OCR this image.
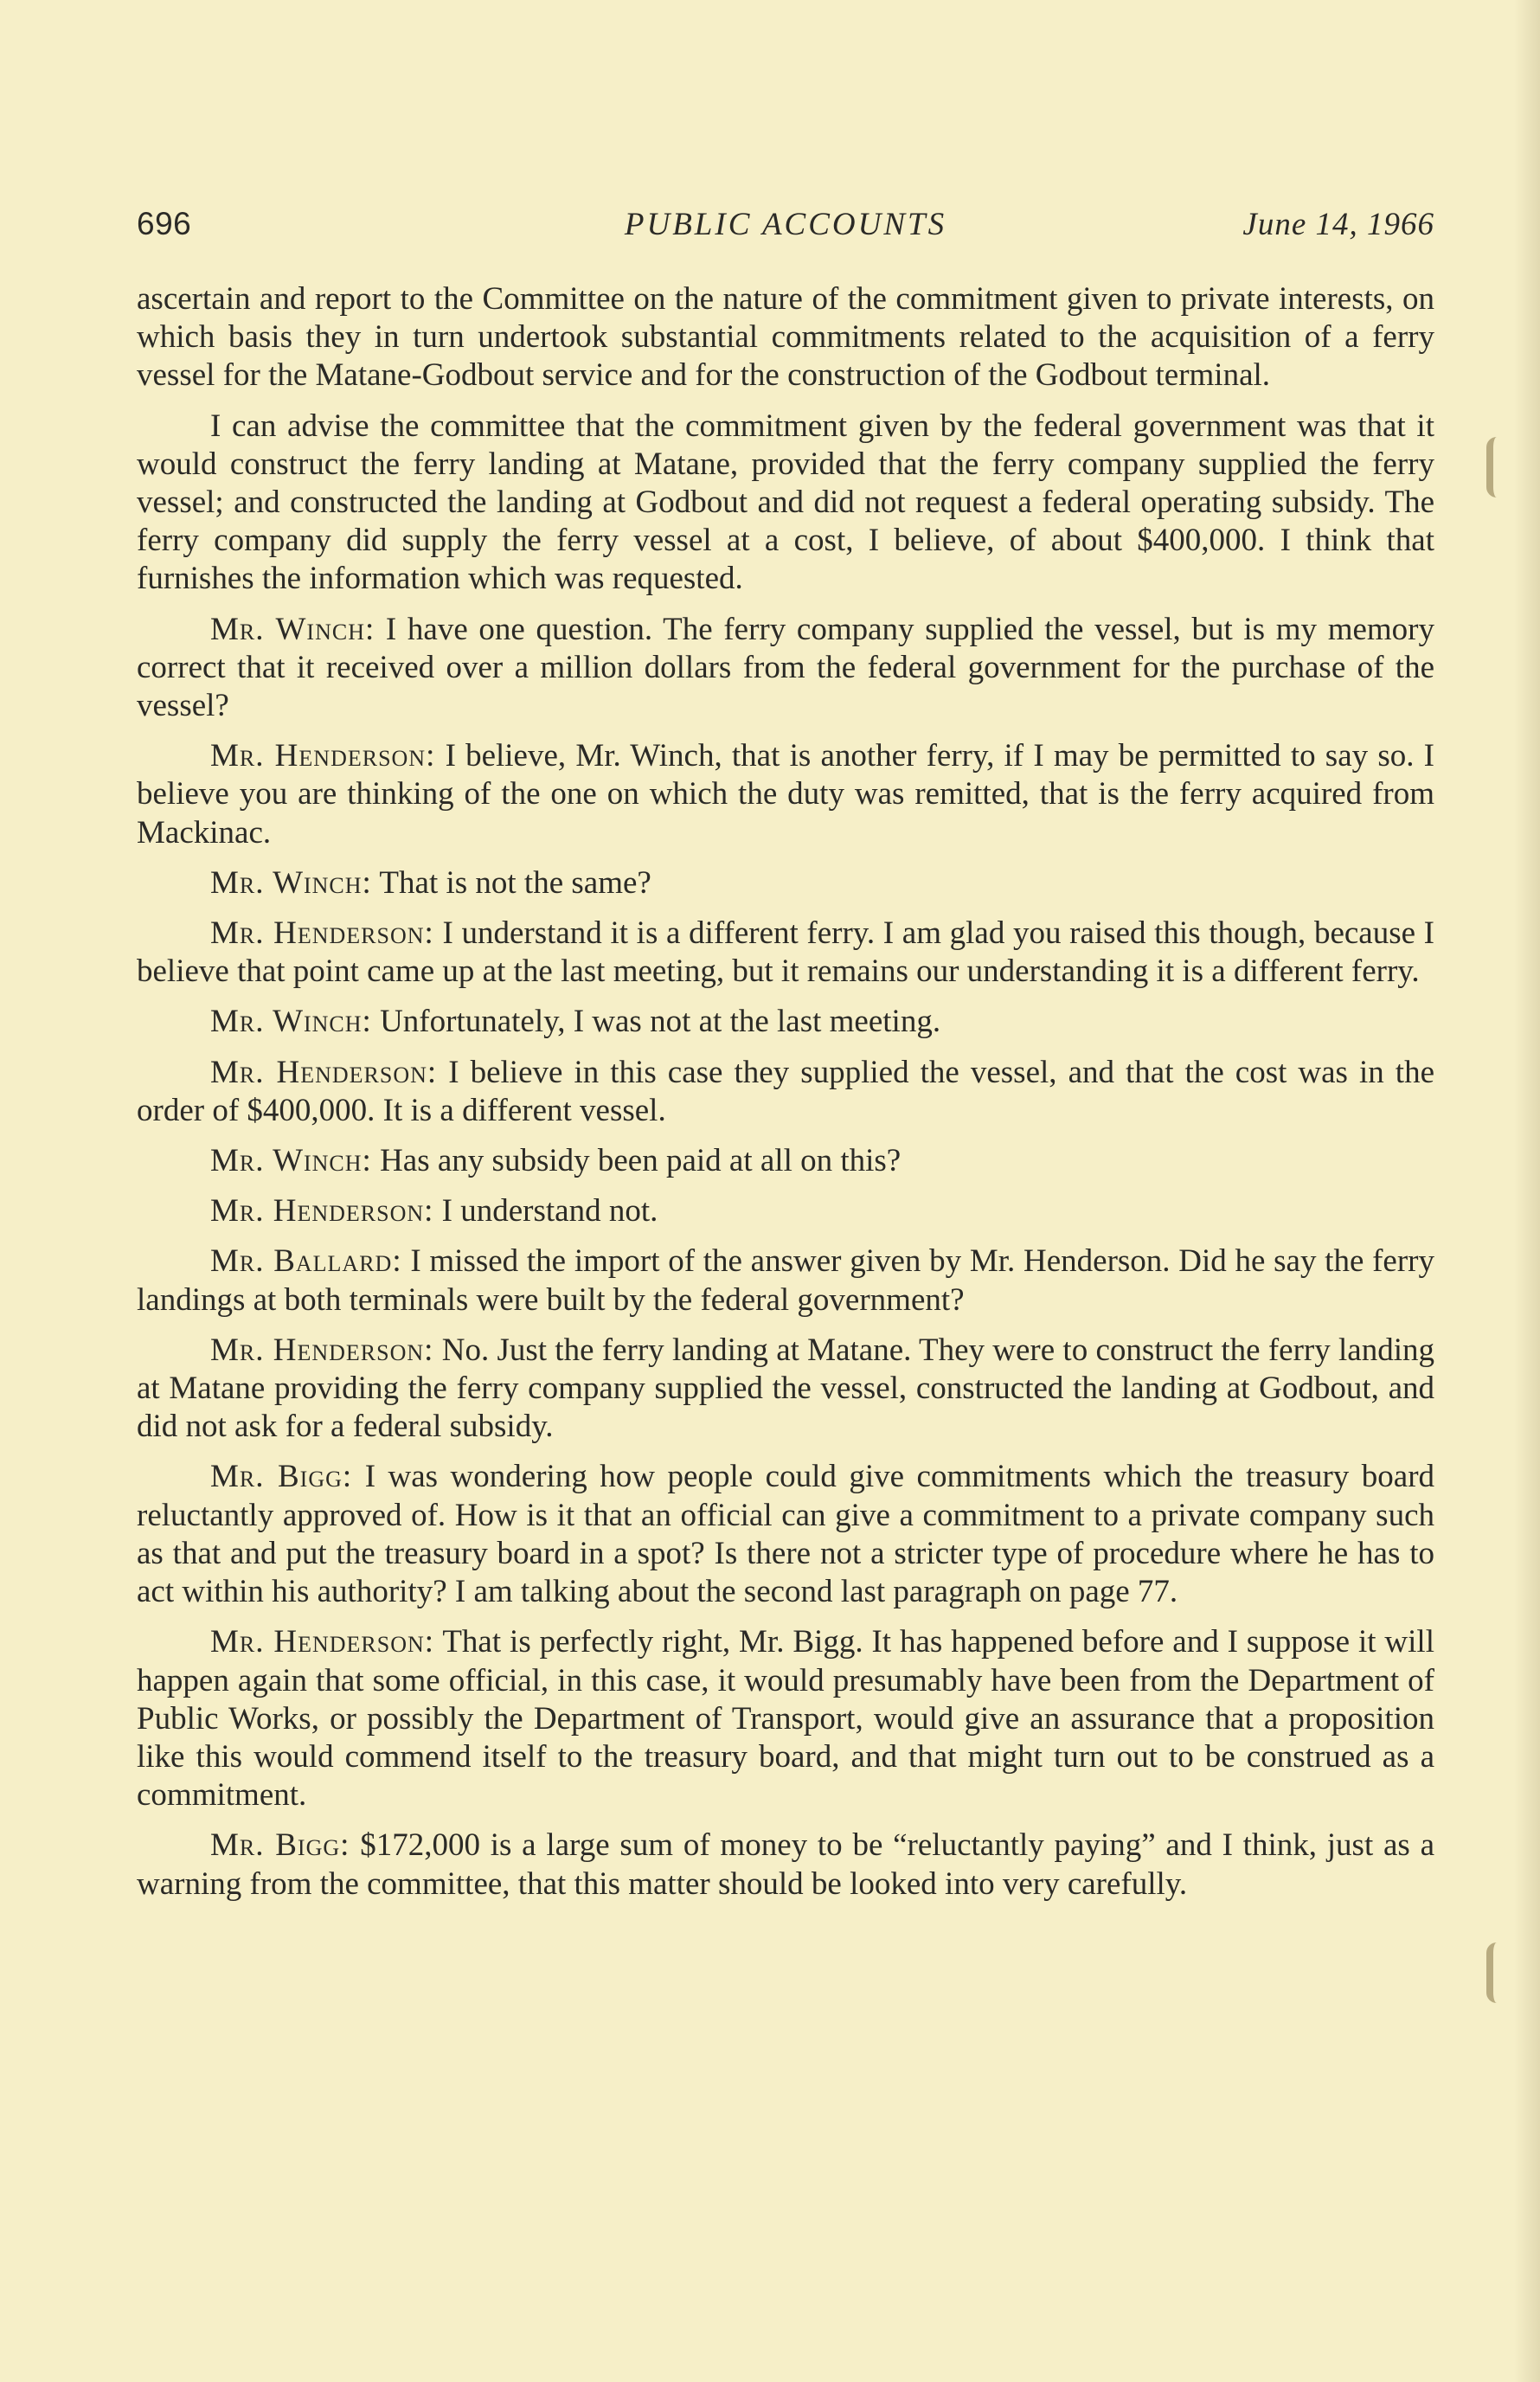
696	PUBLIC ACCOUNTS	June 14, 1966

ascertain and report to the Committee on the nature of the commitment given to private interests, on which basis they in turn undertook substantial commitments related to the acquisition of a ferry vessel for the Matane-Godbout service and for the construction of the Godbout terminal.

I can advise the committee that the commitment given by the federal government was that it would construct the ferry landing at Matane, provided that the ferry company supplied the ferry vessel; and constructed the landing at Godbout and did not request a federal operating subsidy. The ferry company did supply the ferry vessel at a cost, I believe, of about $400,000. I think that furnishes the information which was requested.

Mr. Winch: I have one question. The ferry company supplied the vessel, but is my memory correct that it received over a million dollars from the federal government for the purchase of the vessel?

Mr. Henderson: I believe, Mr. Winch, that is another ferry, if I may be permitted to say so. I believe you are thinking of the one on which the duty was remitted, that is the ferry acquired from Mackinac.

Mr. Winch: That is not the same?

Mr. Henderson: I understand it is a different ferry. I am glad you raised this though, because I believe that point came up at the last meeting, but it remains our understanding it is a different ferry.

Mr. Winch: Unfortunately, I was not at the last meeting.

Mr. Henderson: I believe in this case they supplied the vessel, and that the cost was in the order of $400,000. It is a different vessel.

Mr. Winch: Has any subsidy been paid at all on this?

Mr. Henderson: I understand not.

Mr. Ballard: I missed the import of the answer given by Mr. Henderson. Did he say the ferry landings at both terminals were built by the federal government?

Mr. Henderson: No. Just the ferry landing at Matane. They were to construct the ferry landing at Matane providing the ferry company supplied the vessel, constructed the landing at Godbout, and did not ask for a federal subsidy.

Mr. Bigg: I was wondering how people could give commitments which the treasury board reluctantly approved of. How is it that an official can give a commitment to a private company such as that and put the treasury board in a spot? Is there not a stricter type of procedure where he has to act within his authority? I am talking about the second last paragraph on page 77.

Mr. Henderson: That is perfectly right, Mr. Bigg. It has happened before and I suppose it will happen again that some official, in this case, it would presumably have been from the Department of Public Works, or possibly the Department of Transport, would give an assurance that a proposition like this would commend itself to the treasury board, and that might turn out to be construed as a commitment.

Mr. Bigg: $172,000 is a large sum of money to be “reluctantly paying” and I think, just as a warning from the committee, that this matter should be looked into very carefully.
